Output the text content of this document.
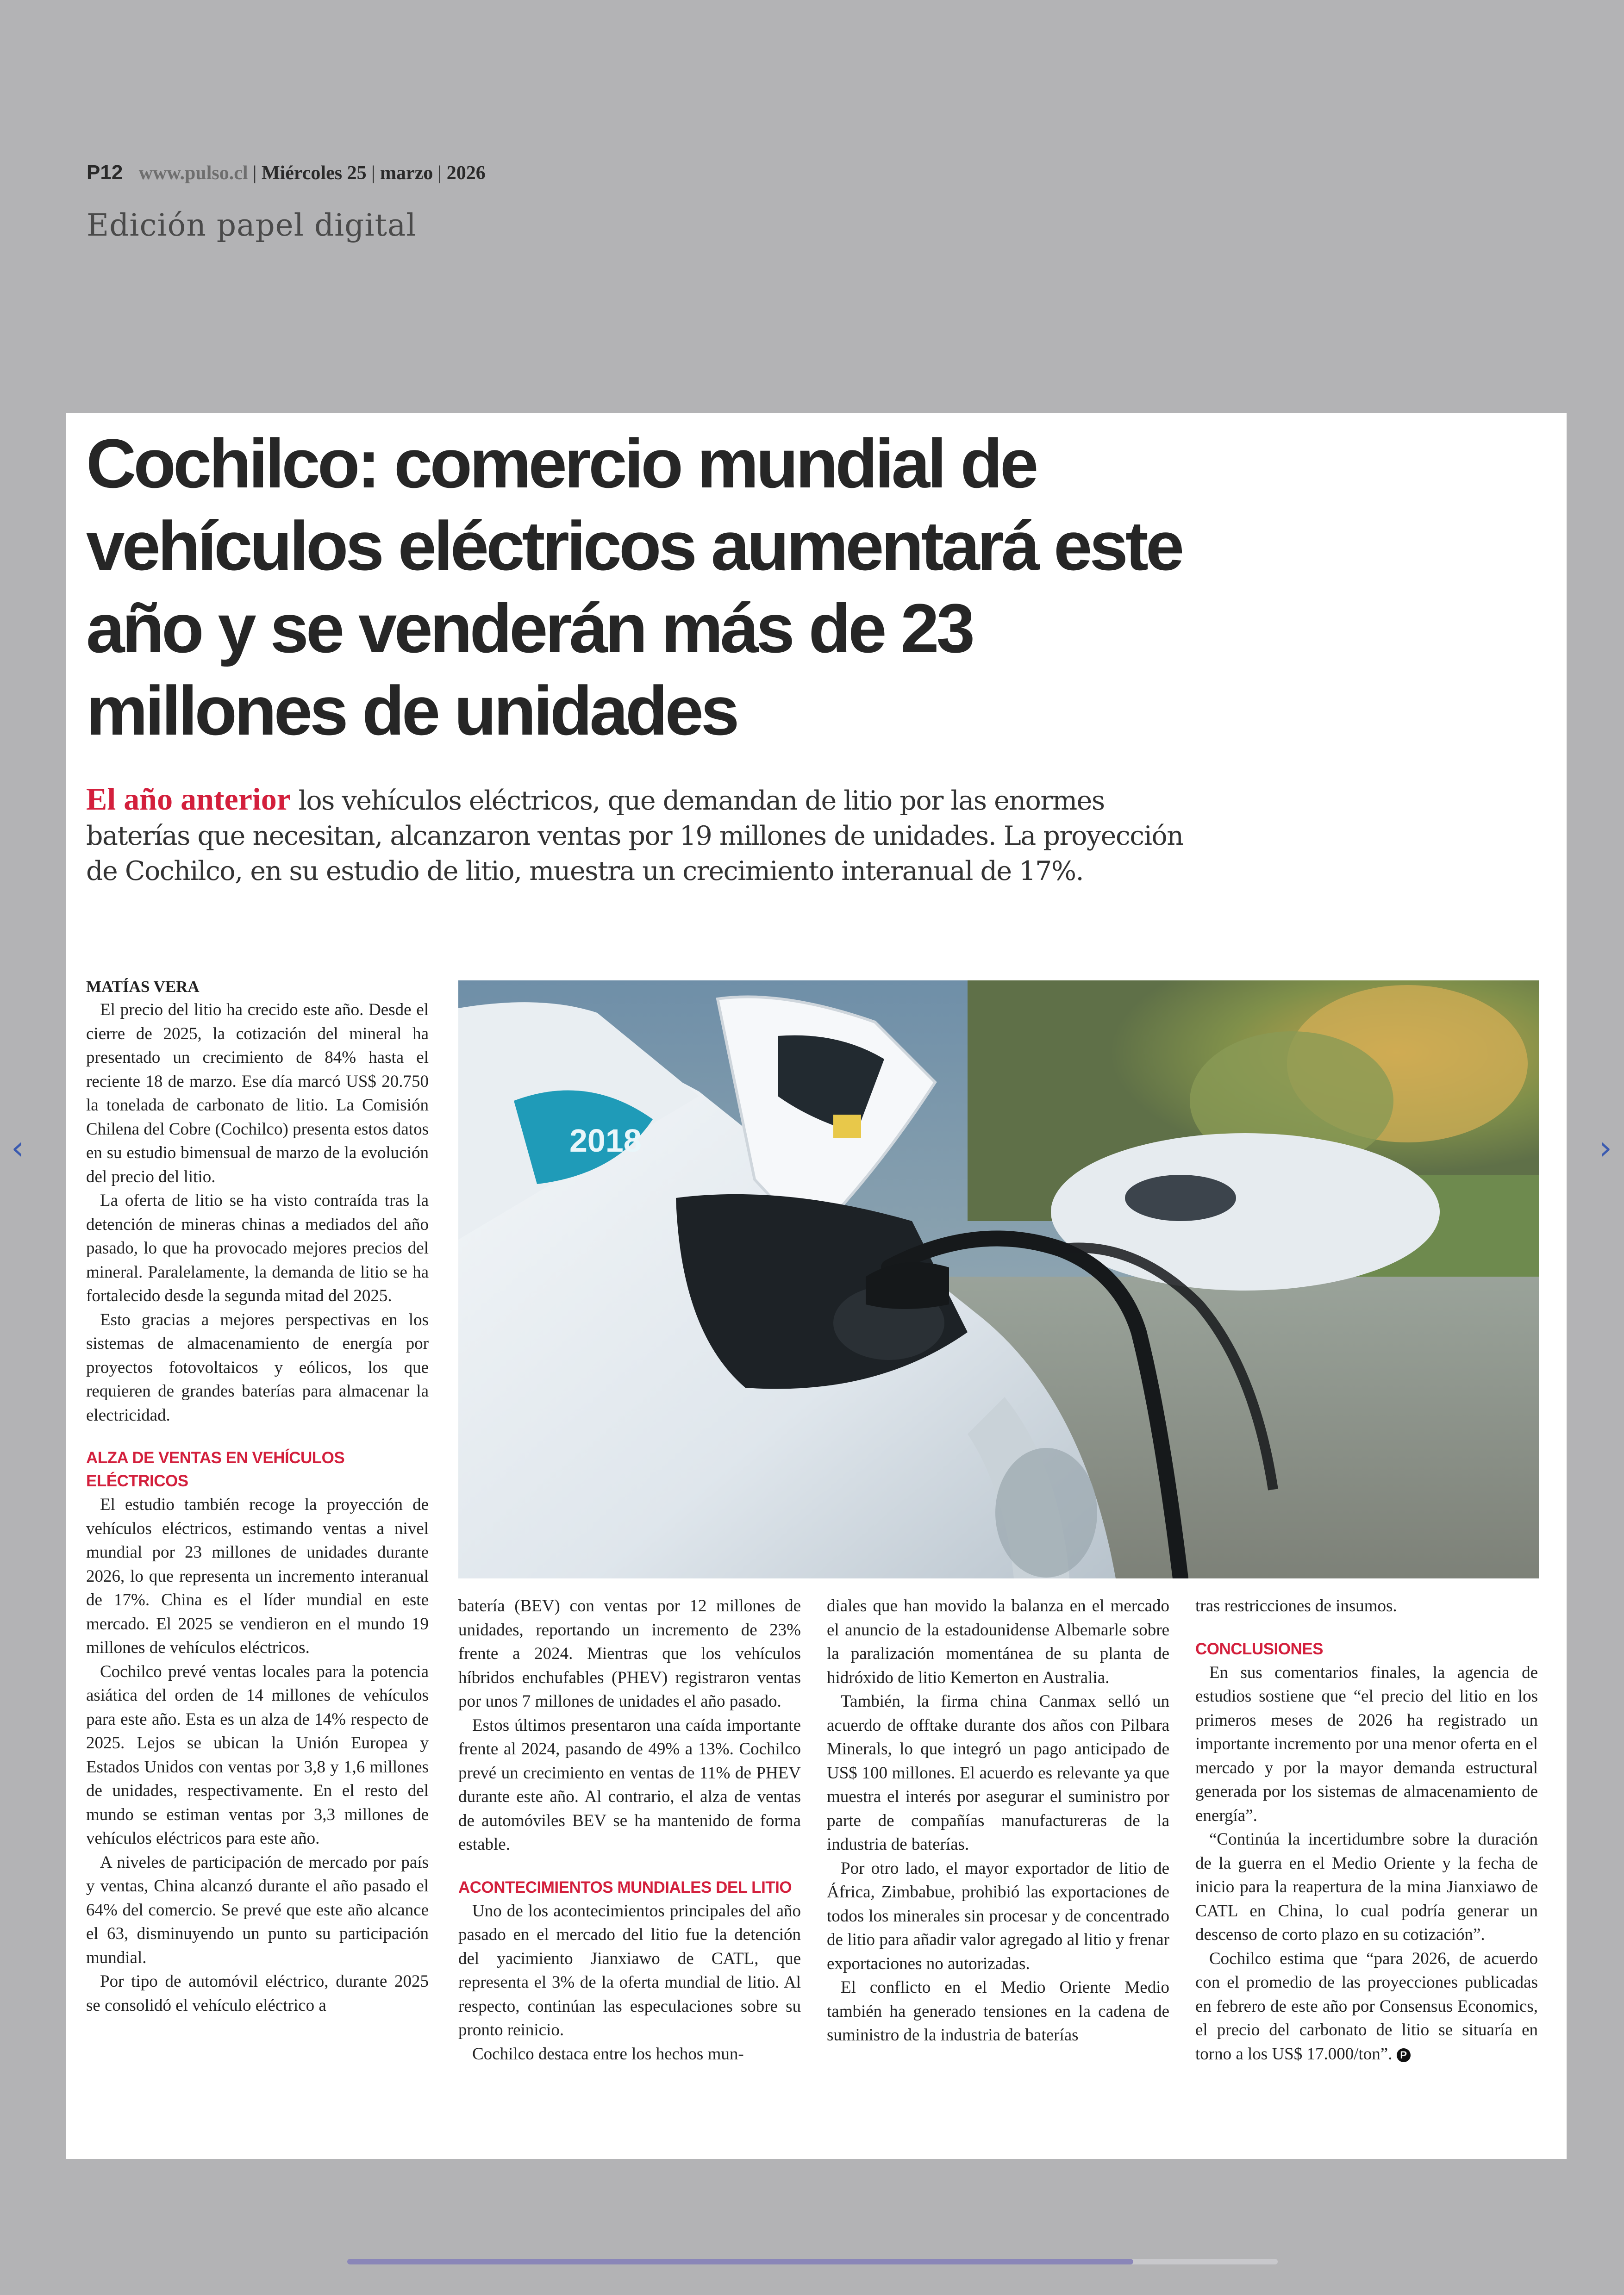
P12 www.pulso.cl | Miércoles 25 | marzo | 2026
Edición papel digital
‹	›
Cochilco: comercio mundial de vehículos eléctricos aumentará este año y se venderán más de 23 millones de unidades
El año anterior los vehículos eléctricos, que demandan de litio por las enormes baterías que necesitan, alcanzaron ventas por 19 millones de unidades. La proyección de Cochilco, en su estudio de litio, muestra un crecimiento interanual de 17%.
2018

MATÍAS VERA

El precio del litio ha crecido este año. Desde el cierre de 2025, la cotización del mineral ha presentado un crecimiento de 84% hasta el reciente 18 de marzo. Ese día marcó US$ 20.750 la tonelada de carbonato de litio. La Comisión Chilena del Cobre (Cochilco) presenta estos datos en su estudio bimensual de marzo de la evolución del precio del litio.

La oferta de litio se ha visto contraída tras la detención de mineras chinas a mediados del año pasado, lo que ha provocado mejores precios del mineral. Paralelamente, la demanda de litio se ha fortalecido desde la segunda mitad del 2025.

Esto gracias a mejores perspectivas en los sistemas de almacenamiento de energía por proyectos fotovoltaicos y eólicos, los que requieren de grandes baterías para almacenar la electricidad.

ALZA DE VENTAS EN VEHÍCULOS ELÉCTRICOS

El estudio también recoge la proyección de vehículos eléctricos, estimando ventas a nivel mundial por 23 millones de unidades durante 2026, lo que representa un incremento interanual de 17%. China es el líder mundial en este mercado. El 2025 se vendieron en el mundo 19 millones de vehículos eléctricos.

Cochilco prevé ventas locales para la potencia asiática del orden de 14 millones de vehículos para este año. Esta es un alza de 14% respecto de 2025. Lejos se ubican la Unión Europea y Estados Unidos con ventas por 3,8 y 1,6 millones de unidades, respectivamente. En el resto del mundo se estiman ventas por 3,3 millones de vehículos eléctricos para este año.

A niveles de participación de mercado por país y ventas, China alcanzó durante el año pasado el 64% del comercio. Se prevé que este año alcance el 63, disminuyendo un punto su participación mundial.

Por tipo de automóvil eléctrico, durante 2025 se consolidó el vehículo eléctrico a

batería (BEV) con ventas por 12 millones de unidades, reportando un incremento de 23% frente a 2024. Mientras que los vehículos híbridos enchufables (PHEV) registraron ventas por unos 7 millones de unidades el año pasado.

Estos últimos presentaron una caída importante frente al 2024, pasando de 49% a 13%. Cochilco prevé un crecimiento en ventas de 11% de PHEV durante este año. Al contrario, el alza de ventas de automóviles BEV se ha mantenido de forma estable.

ACONTECIMIENTOS MUNDIALES DEL LITIO

Uno de los acontecimientos principales del año pasado en el mercado del litio fue la detención del yacimiento Jianxiawo de CATL, que representa el 3% de la oferta mundial de litio. Al respecto, continúan las especulaciones sobre su pronto reinicio.

Cochilco destaca entre los hechos mun-

diales que han movido la balanza en el mercado el anuncio de la estadounidense Albemarle sobre la paralización momentánea de su planta de hidróxido de litio Kemerton en Australia.

También, la firma china Canmax selló un acuerdo de offtake durante dos años con Pilbara Minerals, lo que integró un pago anticipado de US$ 100 millones. El acuerdo es relevante ya que muestra el interés por asegurar el suministro por parte de compañías manufactureras de la industria de baterías.

Por otro lado, el mayor exportador de litio de África, Zimbabue, prohibió las exportaciones de todos los minerales sin procesar y de concentrado de litio para añadir valor agregado al litio y frenar exportaciones no autorizadas.

El conflicto en el Medio Oriente Medio también ha generado tensiones en la cadena de suministro de la industria de baterías

tras restricciones de insumos.

CONCLUSIONES

En sus comentarios finales, la agencia de estudios sostiene que “el precio del litio en los primeros meses de 2026 ha registrado un importante incremento por una menor oferta en el mercado y por la mayor demanda estructural generada por los sistemas de almacenamiento de energía”.

“Continúa la incertidumbre sobre la duración de la guerra en el Medio Oriente y la fecha de inicio para la reapertura de la mina Jianxiawo de CATL en China, lo cual podría generar un descenso de corto plazo en su cotización”.

Cochilco estima que “para 2026, de acuerdo con el promedio de las proyecciones publicadas en febrero de este año por Consensus Economics, el precio del carbonato de litio se situaría en torno a los US$ 17.000/ton”. P
